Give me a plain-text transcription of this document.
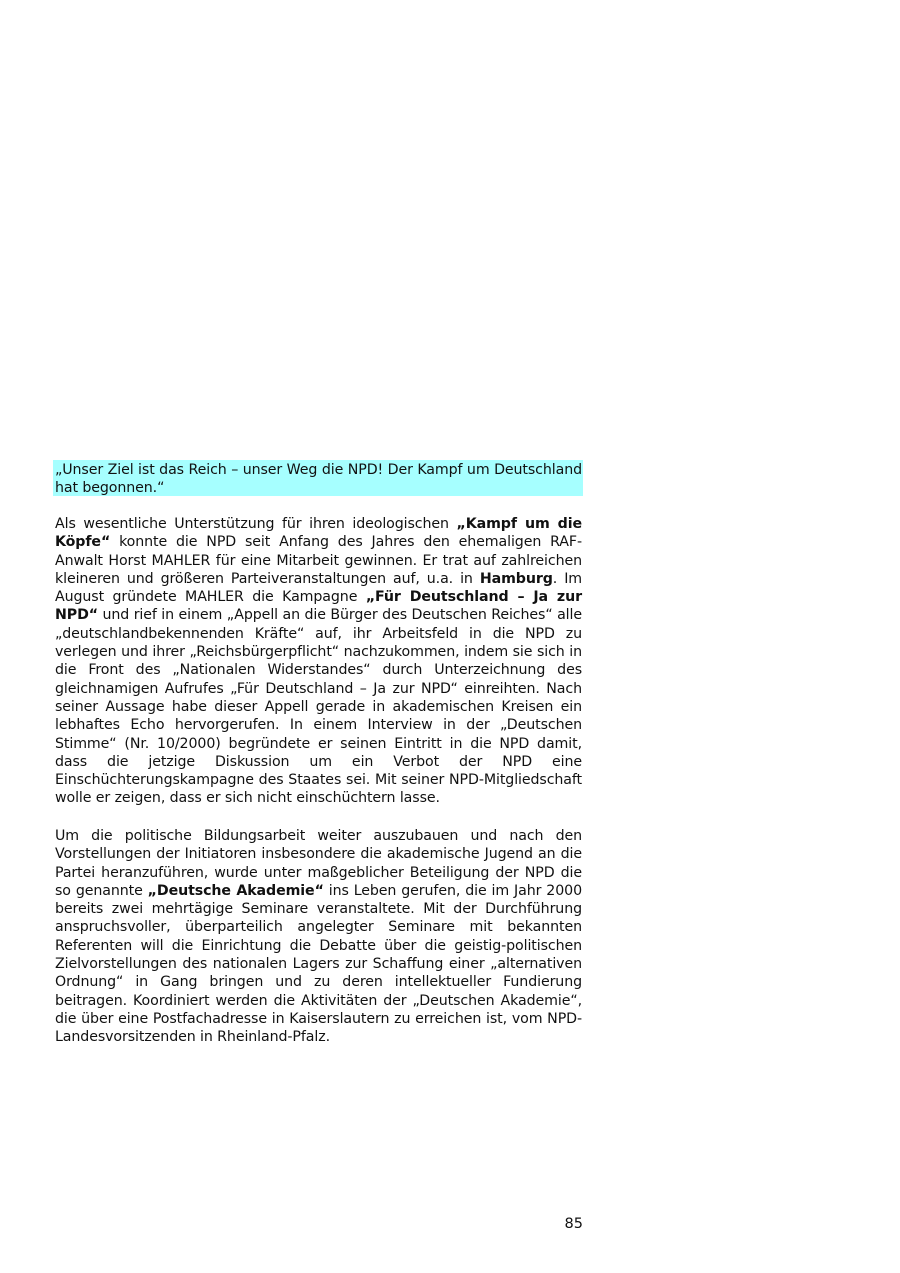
„Unser Ziel ist das Reich – unser Weg die NPD! Der Kampf um Deutschland hat begonnen.“

Als wesentliche Unterstützung für ihren ideologischen „Kampf um die Köpfe“ konnte die NPD seit Anfang des Jahres den ehemaligen RAF-Anwalt Horst MAHLER für eine Mitarbeit gewinnen. Er trat auf zahlreichen kleineren und größeren Parteiveranstaltungen auf, u.a. in Hamburg. Im August gründete MAHLER die Kampagne „Für Deutschland – Ja zur NPD“ und rief in einem „Appell an die Bürger des Deutschen Reiches“ alle „deutschlandbekennenden Kräfte“ auf, ihr Arbeitsfeld in die NPD zu verlegen und ihrer „Reichsbürgerpflicht“ nachzukommen, indem sie sich in die Front des „Nationalen Widerstandes“ durch Unterzeichnung des gleichnamigen Aufrufes „Für Deutschland – Ja zur NPD“ einreihten. Nach seiner Aussage habe dieser Appell gerade in akademischen Kreisen ein lebhaftes Echo hervorgerufen. In einem Interview in der „Deutschen Stimme“ (Nr. 10/2000) begründete er seinen Eintritt in die NPD damit, dass die jetzige Diskussion um ein Verbot der NPD eine Einschüchterungskampagne des Staates sei. Mit seiner NPD-Mitgliedschaft wolle er zeigen, dass er sich nicht einschüchtern lasse.

Um die politische Bildungsarbeit weiter auszubauen und nach den Vorstellungen der Initiatoren insbesondere die akademische Jugend an die Partei heranzuführen, wurde unter maßgeblicher Beteiligung der NPD die so genannte „Deutsche Akademie“ ins Leben gerufen, die im Jahr 2000 bereits zwei mehrtägige Seminare veranstaltete. Mit der Durchführung anspruchsvoller, überparteilich angelegter Seminare mit bekannten Referenten will die Einrichtung die Debatte über die geistig-politischen Zielvorstellungen des nationalen Lagers zur Schaffung einer „alternativen Ordnung“ in Gang bringen und zu deren intellektueller Fundierung beitragen. Koordiniert werden die Aktivitäten der „Deutschen Akademie“, die über eine Postfachadresse in Kaiserslautern zu erreichen ist, vom NPD-Landesvorsitzenden in Rheinland-Pfalz.

85
